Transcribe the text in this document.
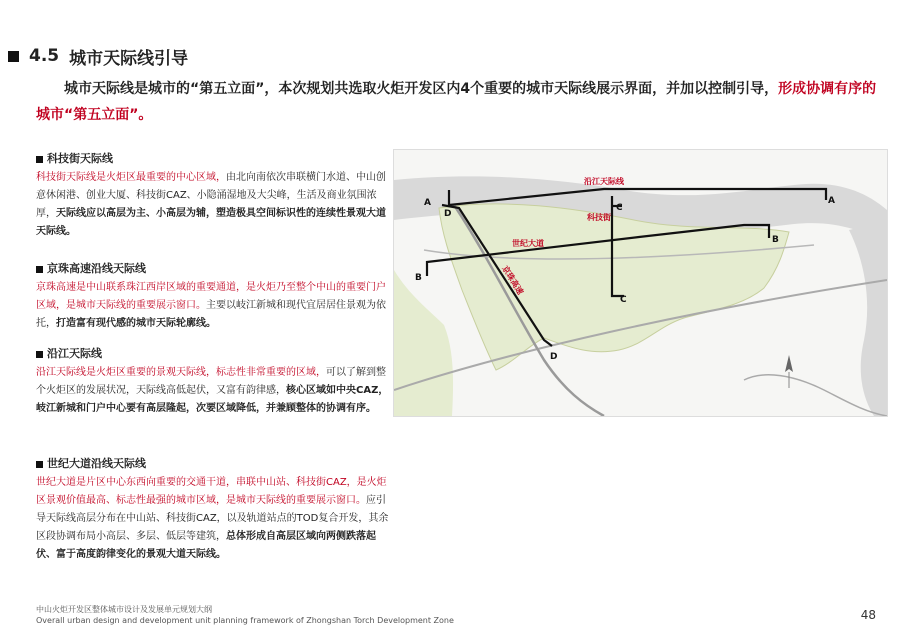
4.5 城市天际线引导
城市天际线是城市的“第五立面”，本次规划共选取火炬开发区内4个重要的城市天际线展示界面，并加以控制引导，形成协调有序的城市“第五立面”。
科技街天际线
科技街天际线是火炬区最重要的中心区域，由北向南依次串联横门水道、中山创意休闲港、创业大厦、科技街CAZ、小隐涌湿地及大尖峰，生活及商业氛围浓厚，天际线应以高层为主、小高层为辅，塑造极具空间标识性的连续性景观大道天际线。
京珠高速沿线天际线
京珠高速是中山联系珠江西岸区域的重要通道，是火炬乃至整个中山的重要门户区域，是城市天际线的重要展示窗口。主要以岐江新城和现代宜居居住景观为依托，打造富有现代感的城市天际轮廓线。
沿江天际线
沿江天际线是火炬区重要的景观天际线，标志性非常重要的区域，可以了解到整个火炬区的发展状况，天际线高低起伏，又富有韵律感，核心区域如中央CAZ，岐江新城和门户中心要有高层隆起，次要区域降低，并兼顾整体的协调有序。
世纪大道沿线天际线
世纪大道是片区中心东西向重要的交通干道，串联中山站、科技街CAZ，是火炬区景观价值最高、标志性最强的城市区域，是城市天际线的重要展示窗口。应引导天际线高层分布在中山站、科技街CAZ，以及轨道站点的TOD复合开发，其余区段协调布局小高层、多层、低层等建筑，总体形成自高层区域向两侧跌落起伏、富于高度韵律变化的景观大道天际线。
沿江天际线
科技街
世纪大道
京珠高速
A	A
B
B
C
C
D
D
中山火炬开发区整体城市设计及发展单元规划大纲
Overall urban design and development unit planning framework of Zhongshan Torch Development Zone	48
